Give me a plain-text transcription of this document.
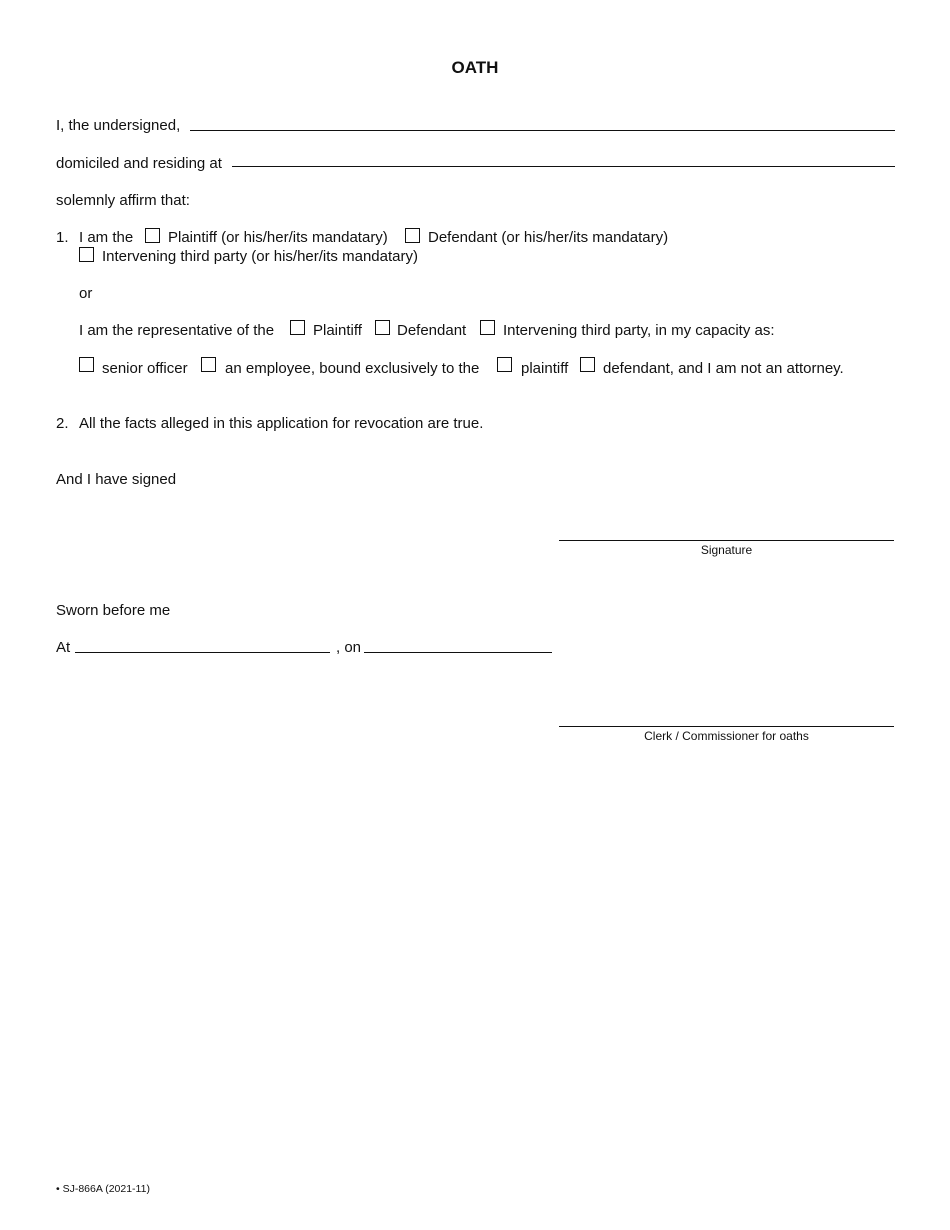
OATH
I, the undersigned,
domiciled and residing at
solemnly affirm that:
1. I am the Plaintiff (or his/her/its mandatary)	Defendant (or his/her/its mandatary)
Intervening third party (or his/her/its mandatary)
or
I am the representative of the	Plaintiff Defendant Intervening third party, in my capacity as:
senior officer an employee, bound exclusively to the	plaintiff defendant, and I am not an attorney.
2. All the facts alleged in this application for revocation are true.
And I have signed
Signature
Sworn before me
At	, on
Clerk / Commissioner for oaths
• SJ-866A (2021-11)
